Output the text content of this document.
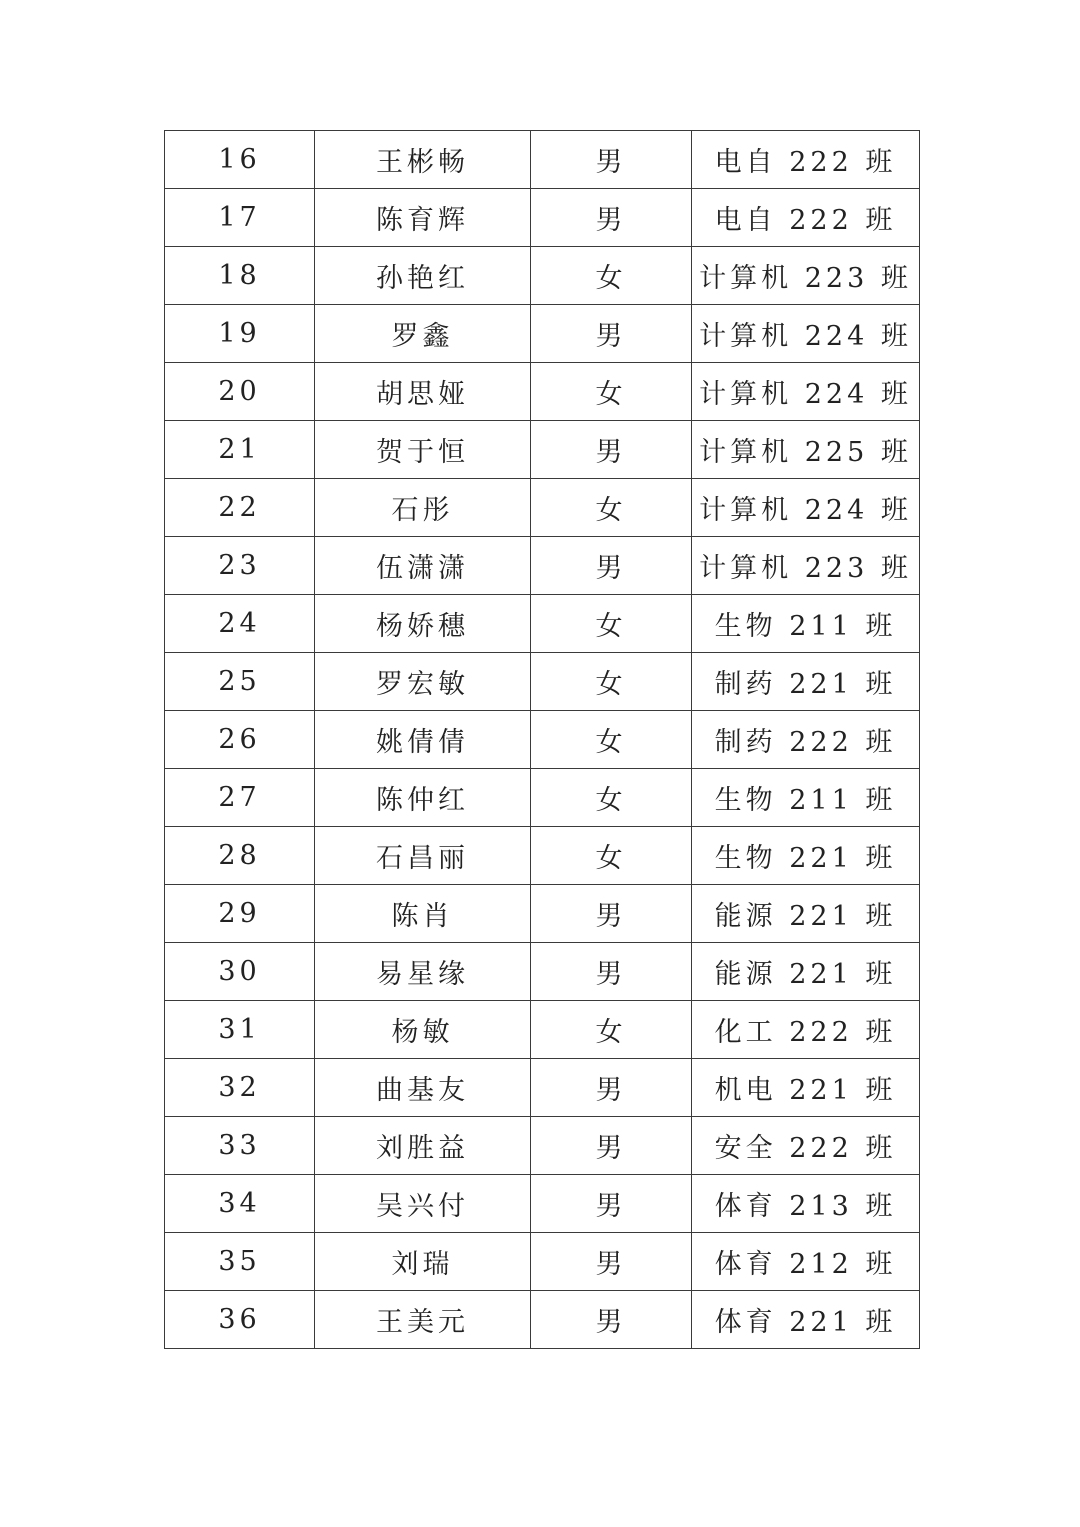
16	王彬畅	男	电自 222 班
17	陈育辉	男	电自 222 班
18	孙艳红	女	计算机 223 班
19	罗鑫	男	计算机 224 班
20	胡思娅	女	计算机 224 班
21	贺于恒	男	计算机 225 班
22	石彤	女	计算机 224 班
23	伍潇潇	男	计算机 223 班
24	杨娇穗	女	生物 211 班
25	罗宏敏	女	制药 221 班
26	姚倩倩	女	制药 222 班
27	陈仲红	女	生物 211 班
28	石昌丽	女	生物 221 班
29	陈肖	男	能源 221 班
30	易星缘	男	能源 221 班
31	杨敏	女	化工 222 班
32	曲基友	男	机电 221 班
33	刘胜益	男	安全 222 班
34	吴兴付	男	体育 213 班
35	刘瑞	男	体育 212 班
36	王美元	男	体育 221 班
